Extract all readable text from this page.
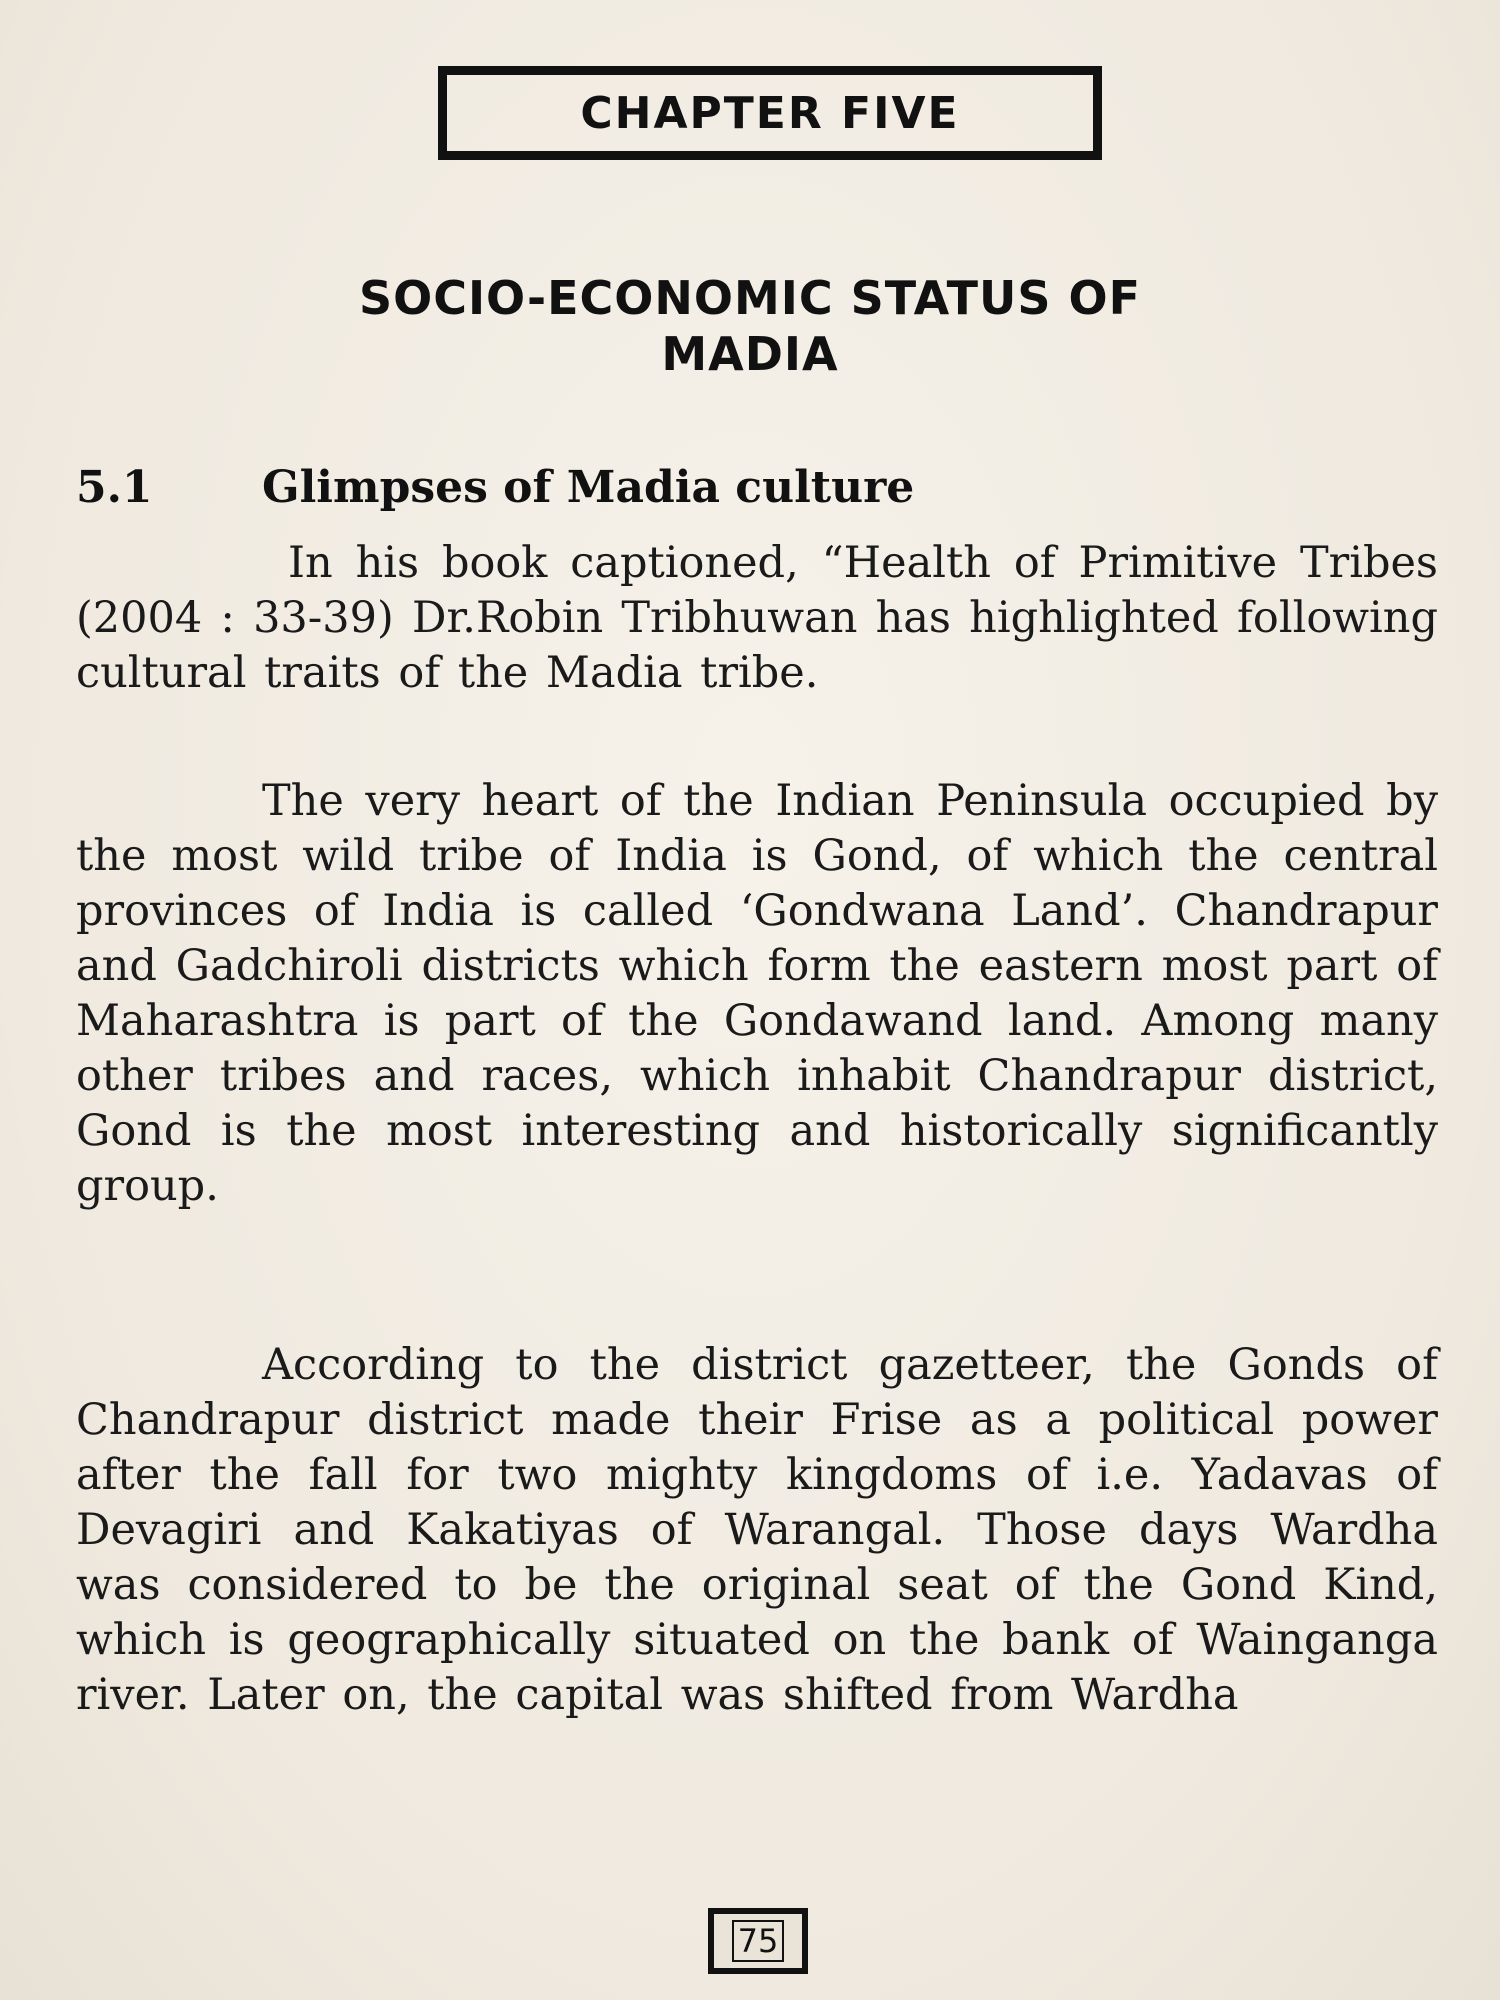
CHAPTER FIVE
SOCIO-ECONOMIC STATUS OF
MADIA
5.1	Glimpses of Madia culture

In his book captioned, “Health of Primitive Tribes (2004 : 33-39) Dr.Robin Tribhuwan has highlighted following cultural traits of the Madia tribe.

The very heart of the Indian Peninsula occupied by the most wild tribe of India is Gond, of which the central provinces of India is called ‘Gondwana Land’. Chandrapur and Gadchiroli districts which form the eastern most part of Maharashtra is part of the Gondawand land. Among many other tribes and races, which inhabit Chandrapur district, Gond is the most interesting and historically significantly group.

According to the district gazetteer, the Gonds of Chandrapur district made their Frise as a political power after the fall for two mighty kingdoms of i.e. Yadavas of Devagiri and Kakatiyas of Warangal. Those days Wardha was considered to be the original seat of the Gond Kind, which is geographically situated on the bank of Wainganga river. Later on, the capital was shifted from Wardha

75
